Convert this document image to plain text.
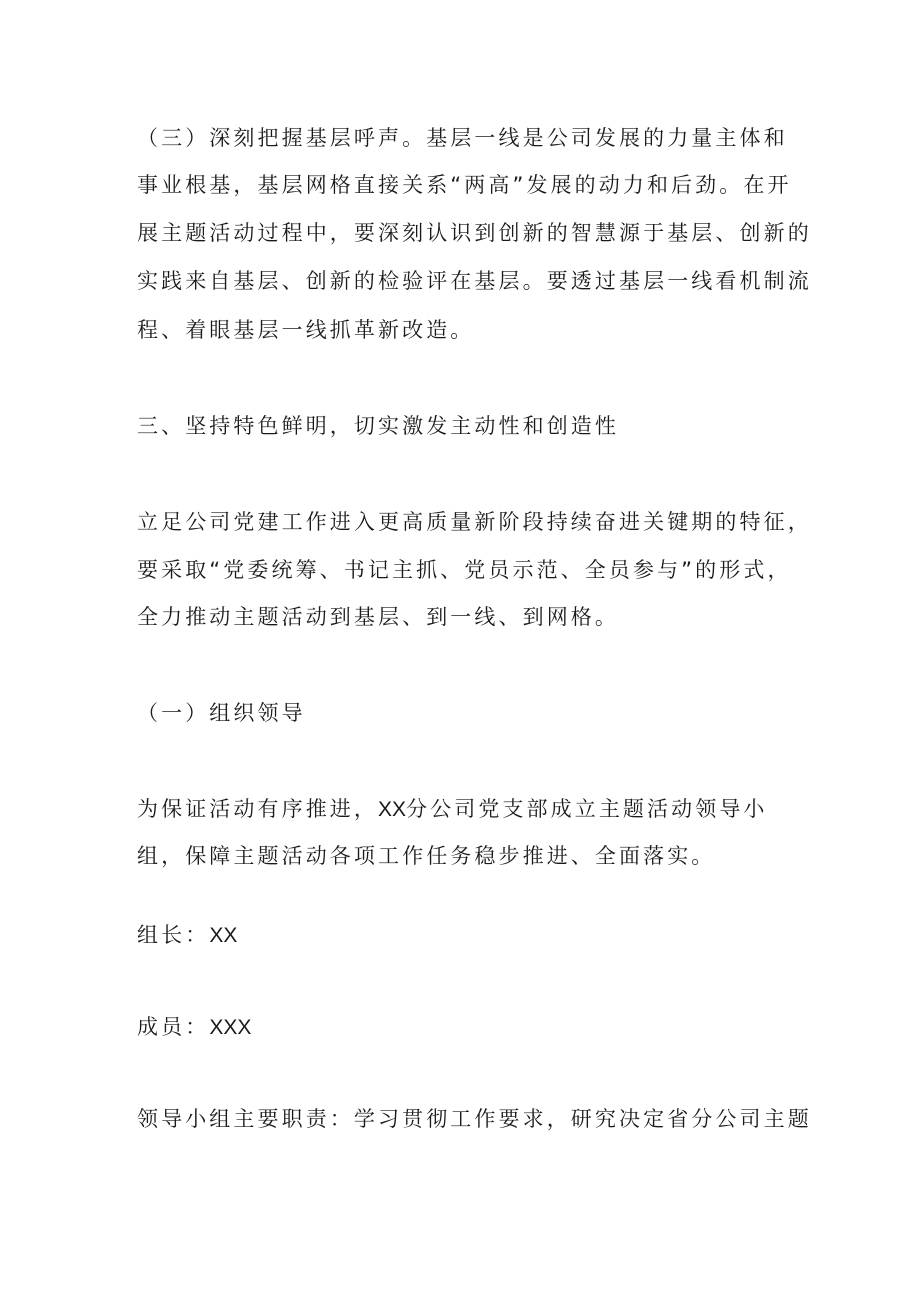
（三）深刻把握基层呼声。基层一线是公司发展的力量主体和
事业根基，基层网格直接关系“两高”发展的动力和后劲。在开
展主题活动过程中，要深刻认识到创新的智慧源于基层、创新的
实践来自基层、创新的检验评在基层。要透过基层一线看机制流
程、着眼基层一线抓革新改造。
三、坚持特色鲜明，切实激发主动性和创造性
立足公司党建工作进入更高质量新阶段持续奋进关键期的特征，
要采取“党委统筹、书记主抓、党员示范、全员参与”的形式，
全力推动主题活动到基层、到一线、到网格。
（一）组织领导
为保证活动有序推进，XX分公司党支部成立主题活动领导小
组，保障主题活动各项工作任务稳步推进、全面落实。
组长：XX
成员：XXX
领导小组主要职责：学习贯彻工作要求，研究决定省分公司主题
